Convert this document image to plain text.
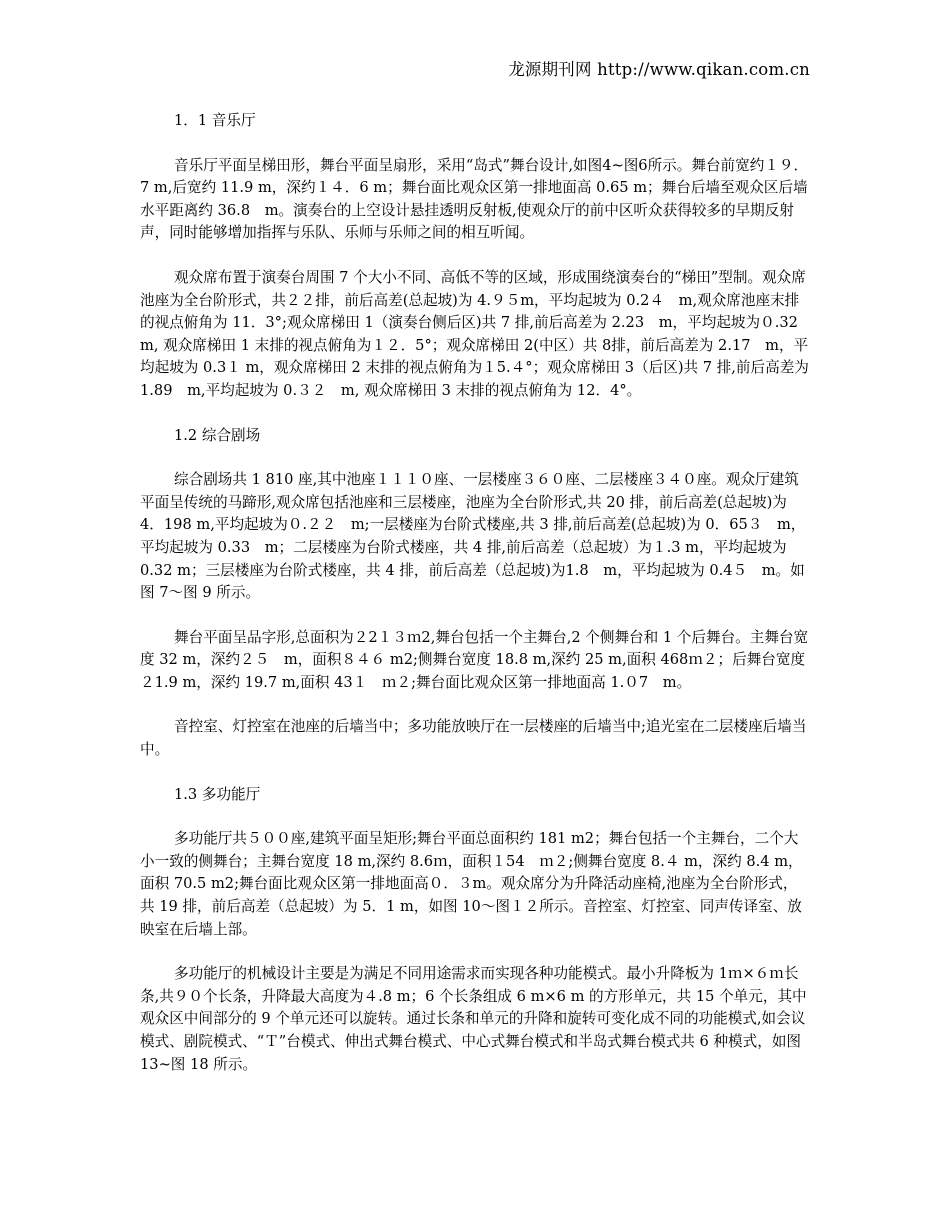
龙源期刊网 http://www.qikan.com.cn

1．1 音乐厅

音乐厅平面呈梯田形，舞台平面呈扇形，采用“岛式”舞台设计,如图4~图6所示。舞台前宽约１９．7 m,后宽约 11.9 m，深约１４．6 m；舞台面比观众区第一排地面高 0.65 m；舞台后墙至观众区后墙水平距离约 36.8　m。演奏台的上空设计悬挂透明反射板,使观众厅的前中区听众获得较多的早期反射声，同时能够增加指挥与乐队、乐师与乐师之间的相互听闻。

观众席布置于演奏台周围 7 个大小不同、高低不等的区域，形成围绕演奏台的“梯田”型制。观众席池座为全台阶形式，共２２排，前后高差(总起坡)为 4.９５m，平均起坡为 0.2４　m,观众席池座末排的视点俯角为 11．3°;观众席梯田 1（演奏台侧后区)共 7 排,前后高差为 2.23　m，平均起坡为０.32 m, 观众席梯田 1 末排的视点俯角为１２．5°；观众席梯田 2(中区）共 8排，前后高差为 2.17　m，平均起坡为 0.3１ m，观众席梯田 2 末排的视点俯角为１5.４°；观众席梯田 3（后区)共 7 排,前后高差为 1.89　m,平均起坡为 0.３２　m, 观众席梯田 3 末排的视点俯角为 12．4°。

1.2 综合剧场

综合剧场共 1 810 座,其中池座１１１０座、一层楼座３６０座、二层楼座３４０座。观众厅建筑平面呈传统的马蹄形,观众席包括池座和三层楼座，池座为全台阶形式,共 20 排，前后高差(总起坡)为 4．198 m,平均起坡为０.２２　m;一层楼座为台阶式楼座,共 3 排,前后高差(总起坡)为 0．65３　m，平均起坡为 0.33　m；二层楼座为台阶式楼座，共 4 排,前后高差（总起坡）为１.3 m，平均起坡为 0.32 m；三层楼座为台阶式楼座，共 4 排，前后高差（总起坡)为1.8　m，平均起坡为 0.4５　m。如图 7～图 9 所示。

舞台平面呈品字形,总面积为２2１３ｍ2,舞台包括一个主舞台,2 个侧舞台和 1 个后舞台。主舞台宽度 32 m，深约２５　m，面积８４６ m2;侧舞台宽度 18.8 m,深约 25 m,面积 468ｍ２；后舞台宽度２1.9 m，深约 19.7 m,面积 43１　ｍ２;舞台面比观众区第一排地面高 1.０7　m。

音控室、灯控室在池座的后墙当中；多功能放映厅在一层楼座的后墙当中;追光室在二层楼座后墙当中。

1.3 多功能厅

多功能厅共５００座,建筑平面呈矩形;舞台平面总面积约 181 m2；舞台包括一个主舞台，二个大小一致的侧舞台；主舞台宽度 18 m,深约 8.6ｍ，面积１54　ｍ２;侧舞台宽度 8.４ m，深约 8.4 m，面积 70.5 m2;舞台面比观众区第一排地面高０．３m。观众席分为升降活动座椅,池座为全台阶形式，共 19 排，前后高差（总起坡）为 5．1 m，如图 10～图１２所示。音控室、灯控室、同声传译室、放映室在后墙上部。

多功能厅的机械设计主要是为满足不同用途需求而实现各种功能模式。最小升降板为 1ｍ×６ｍ长条,共９０个长条，升降最大高度为４.8 m；6 个长条组成 6 m×6 m 的方形单元，共 15 个单元，其中观众区中间部分的 9 个单元还可以旋转。通过长条和单元的升降和旋转可变化成不同的功能模式,如会议模式、剧院模式、“Ｔ”台模式、伸出式舞台模式、中心式舞台模式和半岛式舞台模式共 6 种模式，如图 13~图 18 所示。
